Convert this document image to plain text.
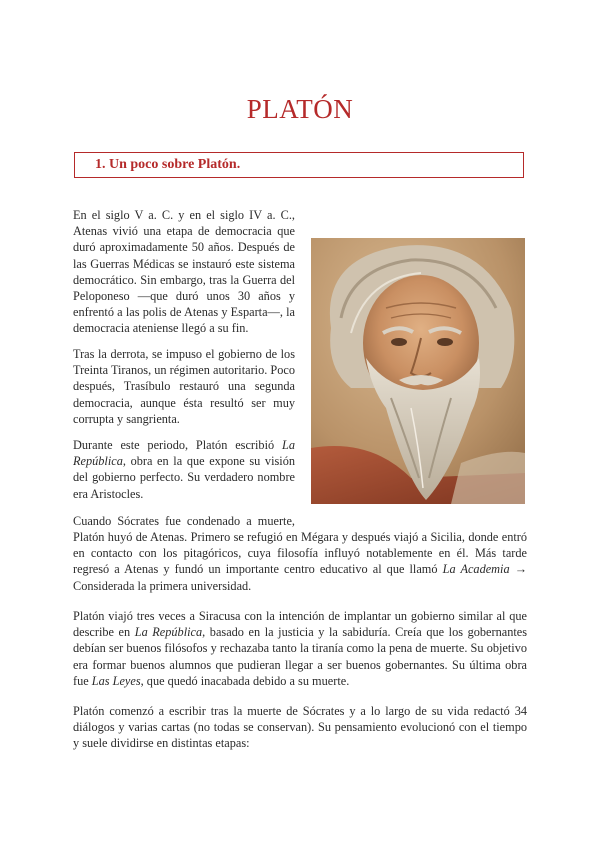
PLATÓN
1. Un poco sobre Platón.
En el siglo V a. C. y en el siglo IV a. C., Atenas vivió una etapa de democracia que duró aproximadamente 50 años. Después de las Guerras Médicas se instauró este sistema democrático. Sin embargo, tras la Guerra del Peloponeso —que duró unos 30 años y enfrentó a las polis de Atenas y Esparta—, la democracia ateniense llegó a su fin.
Tras la derrota, se impuso el gobierno de los Treinta Tiranos, un régimen autoritario. Poco después, Trasíbulo restauró una segunda democracia, aunque ésta resultó ser muy corrupta y sangrienta.
Durante este periodo, Platón escribió La República, obra en la que expone su visión del gobierno perfecto. Su verdadero nombre era Aristocles.
Cuando Sócrates fue condenado a muerte,
Platón huyó de Atenas. Primero se refugió en Mégara y después viajó a Sicilia, donde entró en contacto con los pitagóricos, cuya filosofía influyó notablemente en él. Más tarde regresó a Atenas y fundó un importante centro educativo al que llamó La Academia → Considerada la primera universidad.
Platón viajó tres veces a Siracusa con la intención de implantar un gobierno similar al que describe en La República, basado en la justicia y la sabiduría. Creía que los gobernantes debían ser buenos filósofos y rechazaba tanto la tiranía como la pena de muerte. Su objetivo era formar buenos alumnos que pudieran llegar a ser buenos gobernantes. Su última obra fue Las Leyes, que quedó inacabada debido a su muerte.
Platón comenzó a escribir tras la muerte de Sócrates y a lo largo de su vida redactó 34 diálogos y varias cartas (no todas se conservan). Su pensamiento evolucionó con el tiempo y suele dividirse en distintas etapas:
